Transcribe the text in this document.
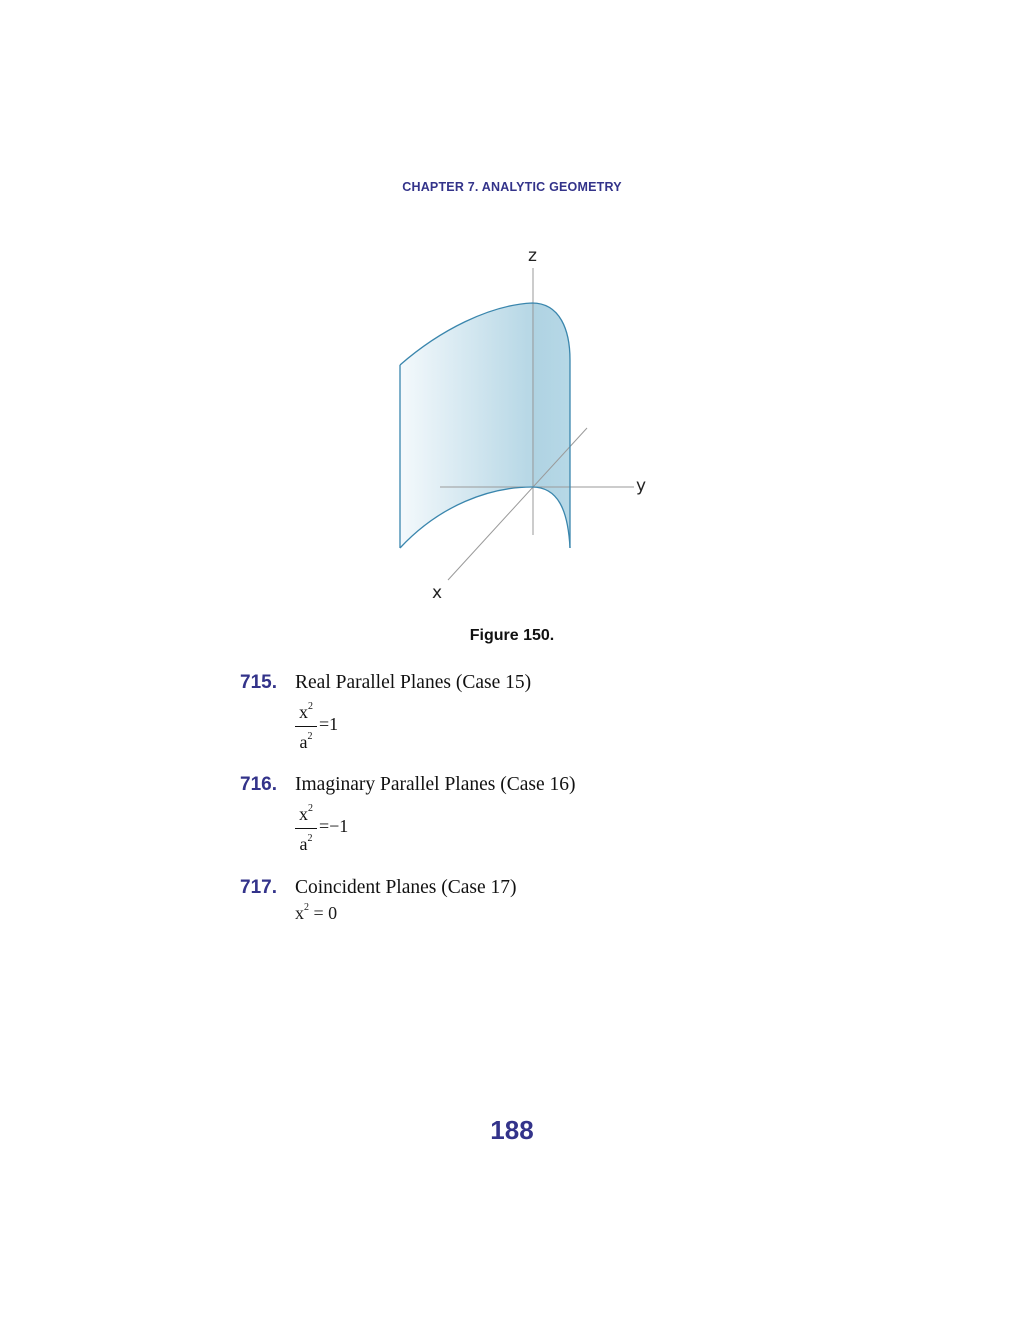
CHAPTER 7. ANALYTIC GEOMETRY
z
y
x
Figure 150.
715. Real Parallel Planes (Case 15)
$x^2$
$a^2$
=1
716. Imaginary Parallel Planes (Case 16)
$x^2$
$a^2$
=−1
717. Coincident Planes (Case 17)
$x^2 = 0$
188
